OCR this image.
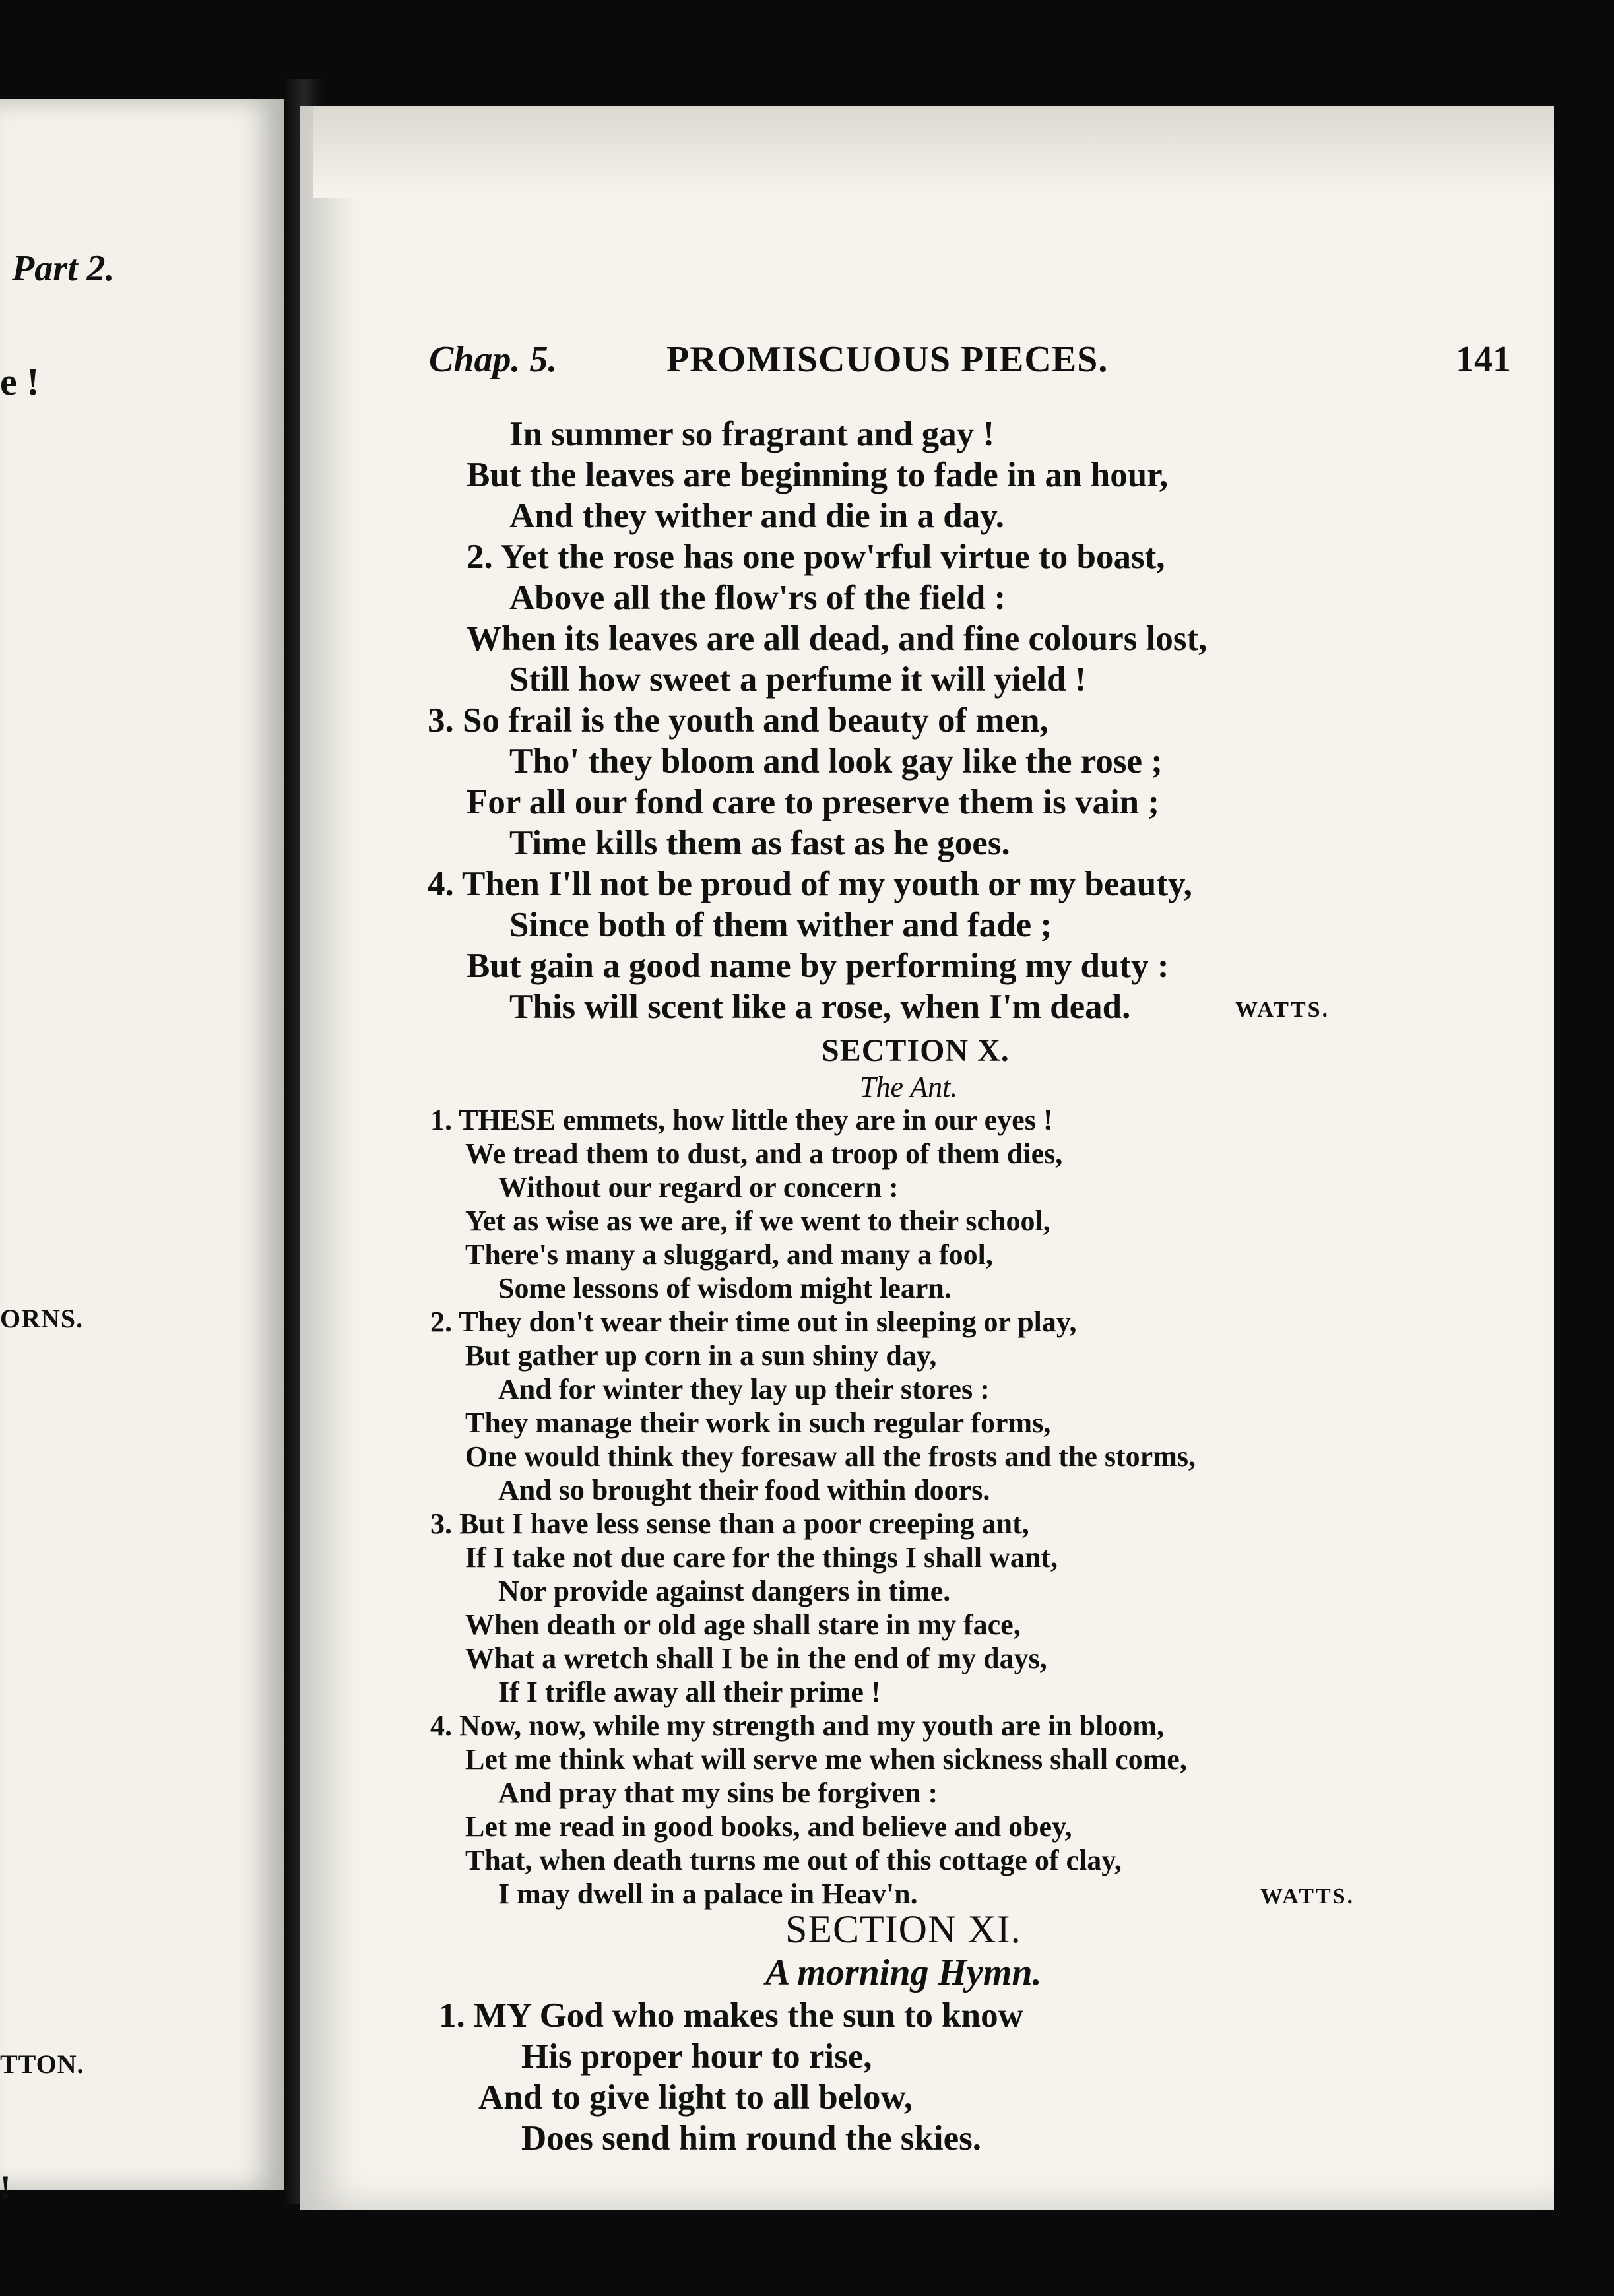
Part 2.
e !
ORNS.
TTON.
!
Chap. 5.	PROMISCUOUS PIECES.	141
In summer so fragrant and gay !
But the leaves are beginning to fade in an hour,
And they wither and die in a day.
2. Yet the rose has one pow'rful virtue to boast,
Above all the flow'rs of the field :
When its leaves are all dead, and fine colours lost,
Still how sweet a perfume it will yield !
3. So frail is the youth and beauty of men,
Tho' they bloom and look gay like the rose ;
For all our fond care to preserve them is vain ;
Time kills them as fast as he goes.
4. Then I'll not be proud of my youth or my beauty,
Since both of them wither and fade ;
But gain a good name by performing my duty :
This will scent like a rose, when I'm dead.	WATTS.
SECTION X.
The Ant.
1. THESE emmets, how little they are in our eyes !
We tread them to dust, and a troop of them dies,
Without our regard or concern :
Yet as wise as we are, if we went to their school,
There's many a sluggard, and many a fool,
Some lessons of wisdom might learn.
2. They don't wear their time out in sleeping or play,
But gather up corn in a sun shiny day,
And for winter they lay up their stores :
They manage their work in such regular forms,
One would think they foresaw all the frosts and the storms,
And so brought their food within doors.
3. But I have less sense than a poor creeping ant,
If I take not due care for the things I shall want,
Nor provide against dangers in time.
When death or old age shall stare in my face,
What a wretch shall I be in the end of my days,
If I trifle away all their prime !
4. Now, now, while my strength and my youth are in bloom,
Let me think what will serve me when sickness shall come,
And pray that my sins be forgiven :
Let me read in good books, and believe and obey,
That, when death turns me out of this cottage of clay,
I may dwell in a palace in Heav'n.	WATTS.
SECTION XI.
A morning Hymn.
1. MY God who makes the sun to know
His proper hour to rise,
And to give light to all below,
Does send him round the skies.
